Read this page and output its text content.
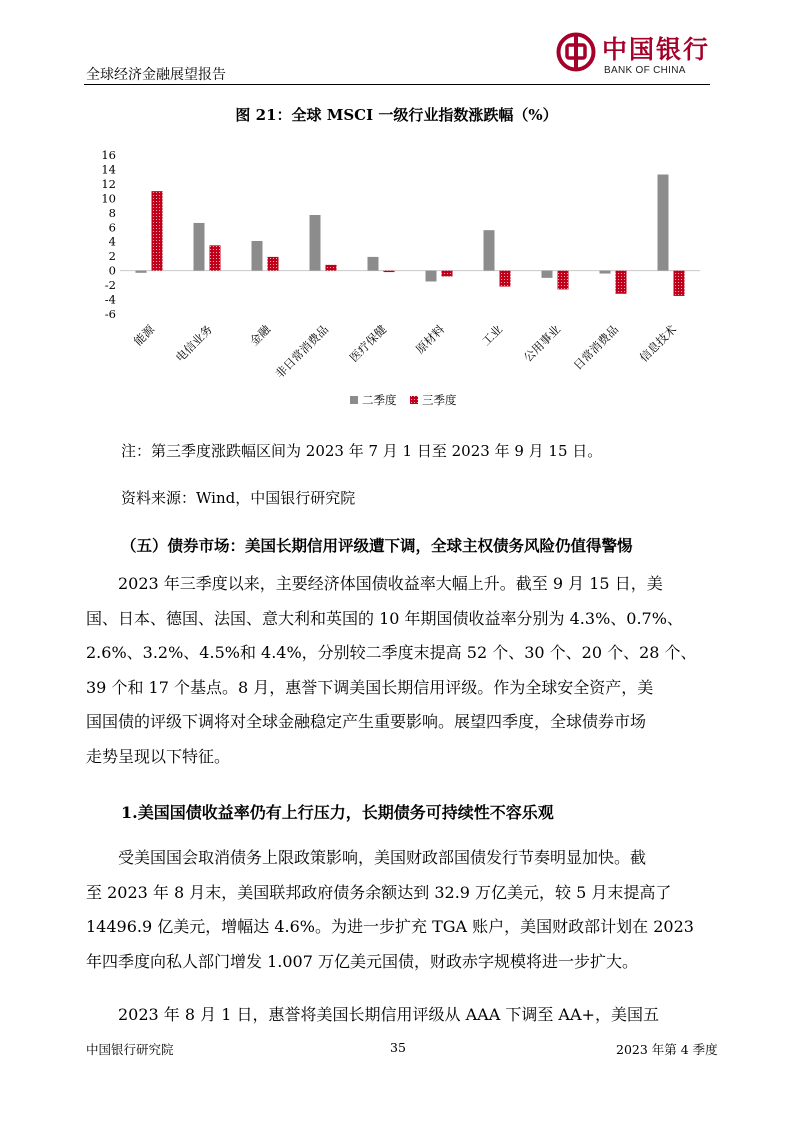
全球经济金融展望报告
中国银行
BANK OF CHINA
图 21：全球 MSCI 一级行业指数涨跌幅（%）
16
14
12
10
8
6
4
2
0
-2
-4
-6
能源 电信业务	金融 非日常消费品 医疗保健 原材料	工业 公用事业 日常消费品 信息技术
二季度 三季度
注：第三季度涨跌幅区间为 2023 年 7 月 1 日至 2023 年 9 月 15 日。
资料来源：Wind，中国银行研究院
（五）债券市场：美国长期信用评级遭下调，全球主权债务风险仍值得警惕
2023 年三季度以来，主要经济体国债收益率大幅上升。截至 9 月 15 日，美
国、日本、德国、法国、意大利和英国的 10 年期国债收益率分别为 4.3%、0.7%、
2.6%、3.2%、4.5%和 4.4%，分别较二季度末提高 52 个、30 个、20 个、28 个、
39 个和 17 个基点。8 月，惠誉下调美国长期信用评级。作为全球安全资产，美
国国债的评级下调将对全球金融稳定产生重要影响。展望四季度，全球债券市场
走势呈现以下特征。
1.美国国债收益率仍有上行压力，长期债务可持续性不容乐观
受美国国会取消债务上限政策影响，美国财政部国债发行节奏明显加快。截
至 2023 年 8 月末，美国联邦政府债务余额达到 32.9 万亿美元，较 5 月末提高了
14496.9 亿美元，增幅达 4.6%。为进一步扩充 TGA 账户，美国财政部计划在 2023
年四季度向私人部门增发 1.007 万亿美元国债，财政赤字规模将进一步扩大。
2023 年 8 月 1 日，惠誉将美国长期信用评级从 AAA 下调至 AA+，美国五
中国银行研究院	35	2023 年第 4 季度
